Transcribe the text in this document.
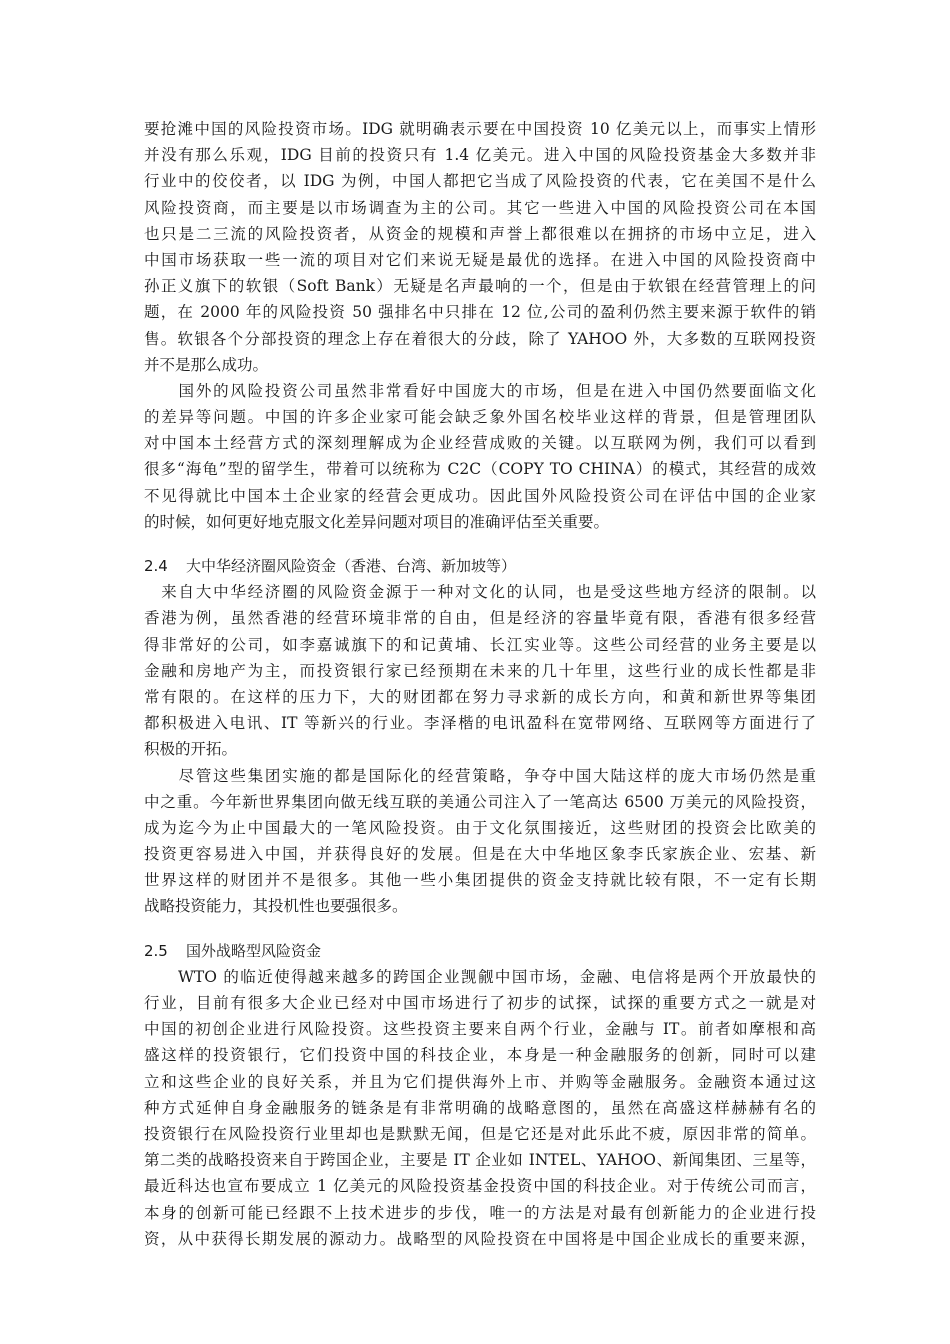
要抢滩中国的风险投资市场。IDG 就明确表示要在中国投资 10 亿美元以上，而事实上情形
并没有那么乐观，IDG 目前的投资只有 1.4 亿美元。进入中国的风险投资基金大多数并非
行业中的佼佼者，以 IDG 为例，中国人都把它当成了风险投资的代表，它在美国不是什么
风险投资商，而主要是以市场调查为主的公司。其它一些进入中国的风险投资公司在本国
也只是二三流的风险投资者，从资金的规模和声誉上都很难以在拥挤的市场中立足，进入
中国市场获取一些一流的项目对它们来说无疑是最优的选择。在进入中国的风险投资商中
孙正义旗下的软银（Soft Bank）无疑是名声最响的一个，但是由于软银在经营管理上的问
题，在 2000 年的风险投资 50 强排名中只排在 12 位,公司的盈利仍然主要来源于软件的销
售。软银各个分部投资的理念上存在着很大的分歧，除了 YAHOO 外，大多数的互联网投资
并不是那么成功。
　　国外的风险投资公司虽然非常看好中国庞大的市场，但是在进入中国仍然要面临文化
的差异等问题。中国的许多企业家可能会缺乏象外国名校毕业这样的背景，但是管理团队
对中国本土经营方式的深刻理解成为企业经营成败的关键。以互联网为例，我们可以看到
很多“海龟”型的留学生，带着可以统称为 C2C（COPY TO CHINA）的模式，其经营的成效
不见得就比中国本土企业家的经营会更成功。因此国外风险投资公司在评估中国的企业家
的时候，如何更好地克服文化差异问题对项目的准确评估至关重要。
2.4 大中华经济圈风险资金（香港、台湾、新加坡等）
　来自大中华经济圈的风险资金源于一种对文化的认同，也是受这些地方经济的限制。以
香港为例，虽然香港的经营环境非常的自由，但是经济的容量毕竟有限，香港有很多经营
得非常好的公司，如李嘉诚旗下的和记黄埔、长江实业等。这些公司经营的业务主要是以
金融和房地产为主，而投资银行家已经预期在未来的几十年里，这些行业的成长性都是非
常有限的。在这样的压力下，大的财团都在努力寻求新的成长方向，和黄和新世界等集团
都积极进入电讯、IT 等新兴的行业。李泽楷的电讯盈科在宽带网络、互联网等方面进行了
积极的开拓。
　　尽管这些集团实施的都是国际化的经营策略，争夺中国大陆这样的庞大市场仍然是重
中之重。今年新世界集团向做无线互联的美通公司注入了一笔高达 6500 万美元的风险投资，
成为迄今为止中国最大的一笔风险投资。由于文化氛围接近，这些财团的投资会比欧美的
投资更容易进入中国，并获得良好的发展。但是在大中华地区象李氏家族企业、宏基、新
世界这样的财团并不是很多。其他一些小集团提供的资金支持就比较有限，不一定有长期
战略投资能力，其投机性也要强很多。
2.5 国外战略型风险资金
　　WTO 的临近使得越来越多的跨国企业觊觎中国市场，金融、电信将是两个开放最快的
行业，目前有很多大企业已经对中国市场进行了初步的试探，试探的重要方式之一就是对
中国的初创企业进行风险投资。这些投资主要来自两个行业，金融与 IT。前者如摩根和高
盛这样的投资银行，它们投资中国的科技企业，本身是一种金融服务的创新，同时可以建
立和这些企业的良好关系，并且为它们提供海外上市、并购等金融服务。金融资本通过这
种方式延伸自身金融服务的链条是有非常明确的战略意图的，虽然在高盛这样赫赫有名的
投资银行在风险投资行业里却也是默默无闻，但是它还是对此乐此不疲，原因非常的简单。
第二类的战略投资来自于跨国企业，主要是 IT 企业如 INTEL、YAHOO、新闻集团、三星等，
最近科达也宣布要成立 1 亿美元的风险投资基金投资中国的科技企业。对于传统公司而言，
本身的创新可能已经跟不上技术进步的步伐，唯一的方法是对最有创新能力的企业进行投
资，从中获得长期发展的源动力。战略型的风险投资在中国将是中国企业成长的重要来源，
